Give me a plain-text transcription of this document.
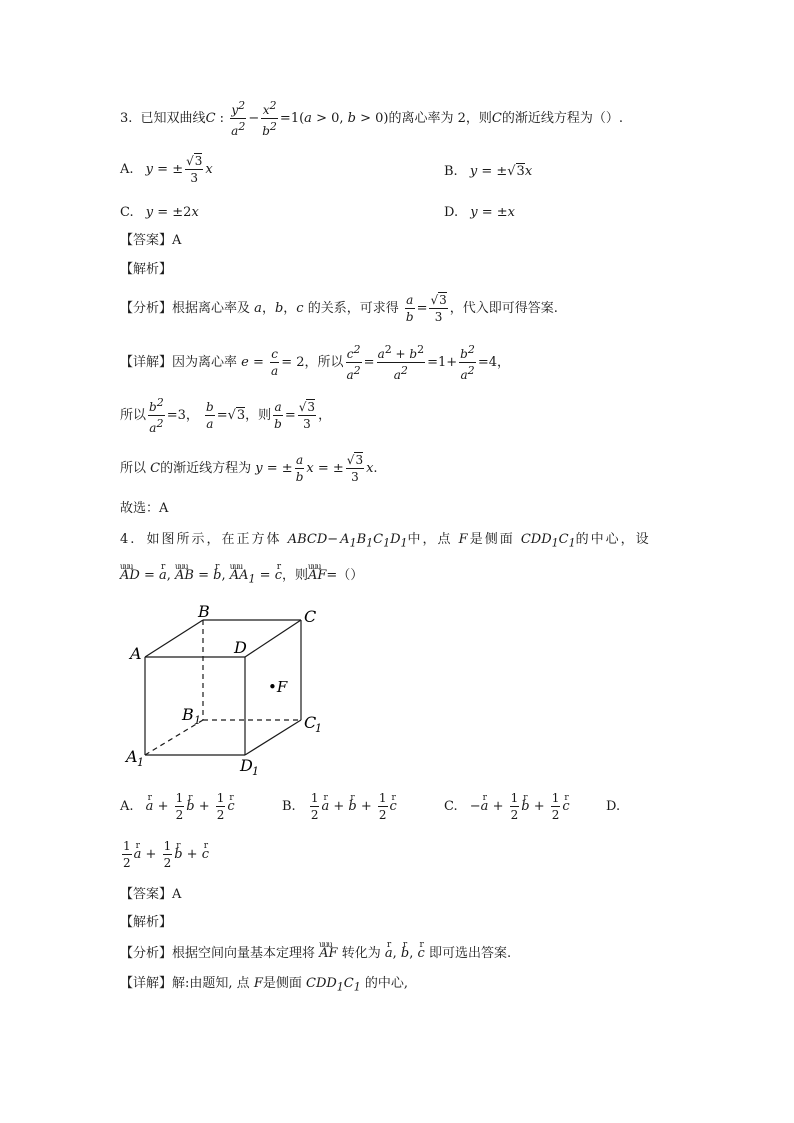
3. 已知双曲线C : $\frac{y^2}{a^2} - \frac{x^2}{b^2} =1(a > 0$, b > 0)的离心率为 2，则C的渐近线方程为（）.
A. y = ± $\frac{√3}{3}$ x	B. y = ±√3x
C. y = ±2x	D. y = ±x
【答案】A
【解析】
【分析】根据离心率及 a，b，c 的关系，可求得 $\frac{a}{b} = \frac{√3}{3}$ ，代入即可得答案.
【详解】因为离心率 $e = \frac{c}{a} = 2$，所以 $\frac{c^2}{a^2} = \frac{a^2 + b^2}{a^2} =1+ \frac{b^2}{a^2} =4$，
所以 $\frac{b^2}{a^2} =3$， $\frac{b}{a} =√3$，则 $\frac{a}{b} = \frac{√3}{3}$ ，
所以 C的渐近线方程为 y = ± $\frac{a}{b}$ x = ± $\frac{√3}{3} x$.
故选：A
4. 如图所示，在正方体 $ABCD-A_1B_1C_1D_1$中，点 F是侧面 $CDD_1C_1$的中心，设
uuu AD = r a, uuu AB = r b, uuu $AA_1 = r$ c，则uuu AF=（）
B	C
A	D
•F
B 1	C
1
A 1	D 1
A. r $a + \frac{1}{2}$ r $b + \frac{1}{2}$ r c	B. $\frac{1}{2}$ r a + r $b + \frac{1}{2}$ r c	C. −r $a + \frac{1}{2}$ r $b + \frac{1}{2}$ r c	D.
$\frac{1}{2}$ r $a + \frac{1}{2}$ r b + r c
【答案】A
【解析】
【分析】根据空间向量基本定理将 uuu AF 转化为 r a, r b, r c 即可选出答案.
【详解】解:由题知, 点 F是侧面 $CDD_1C_1$ 的中心,
